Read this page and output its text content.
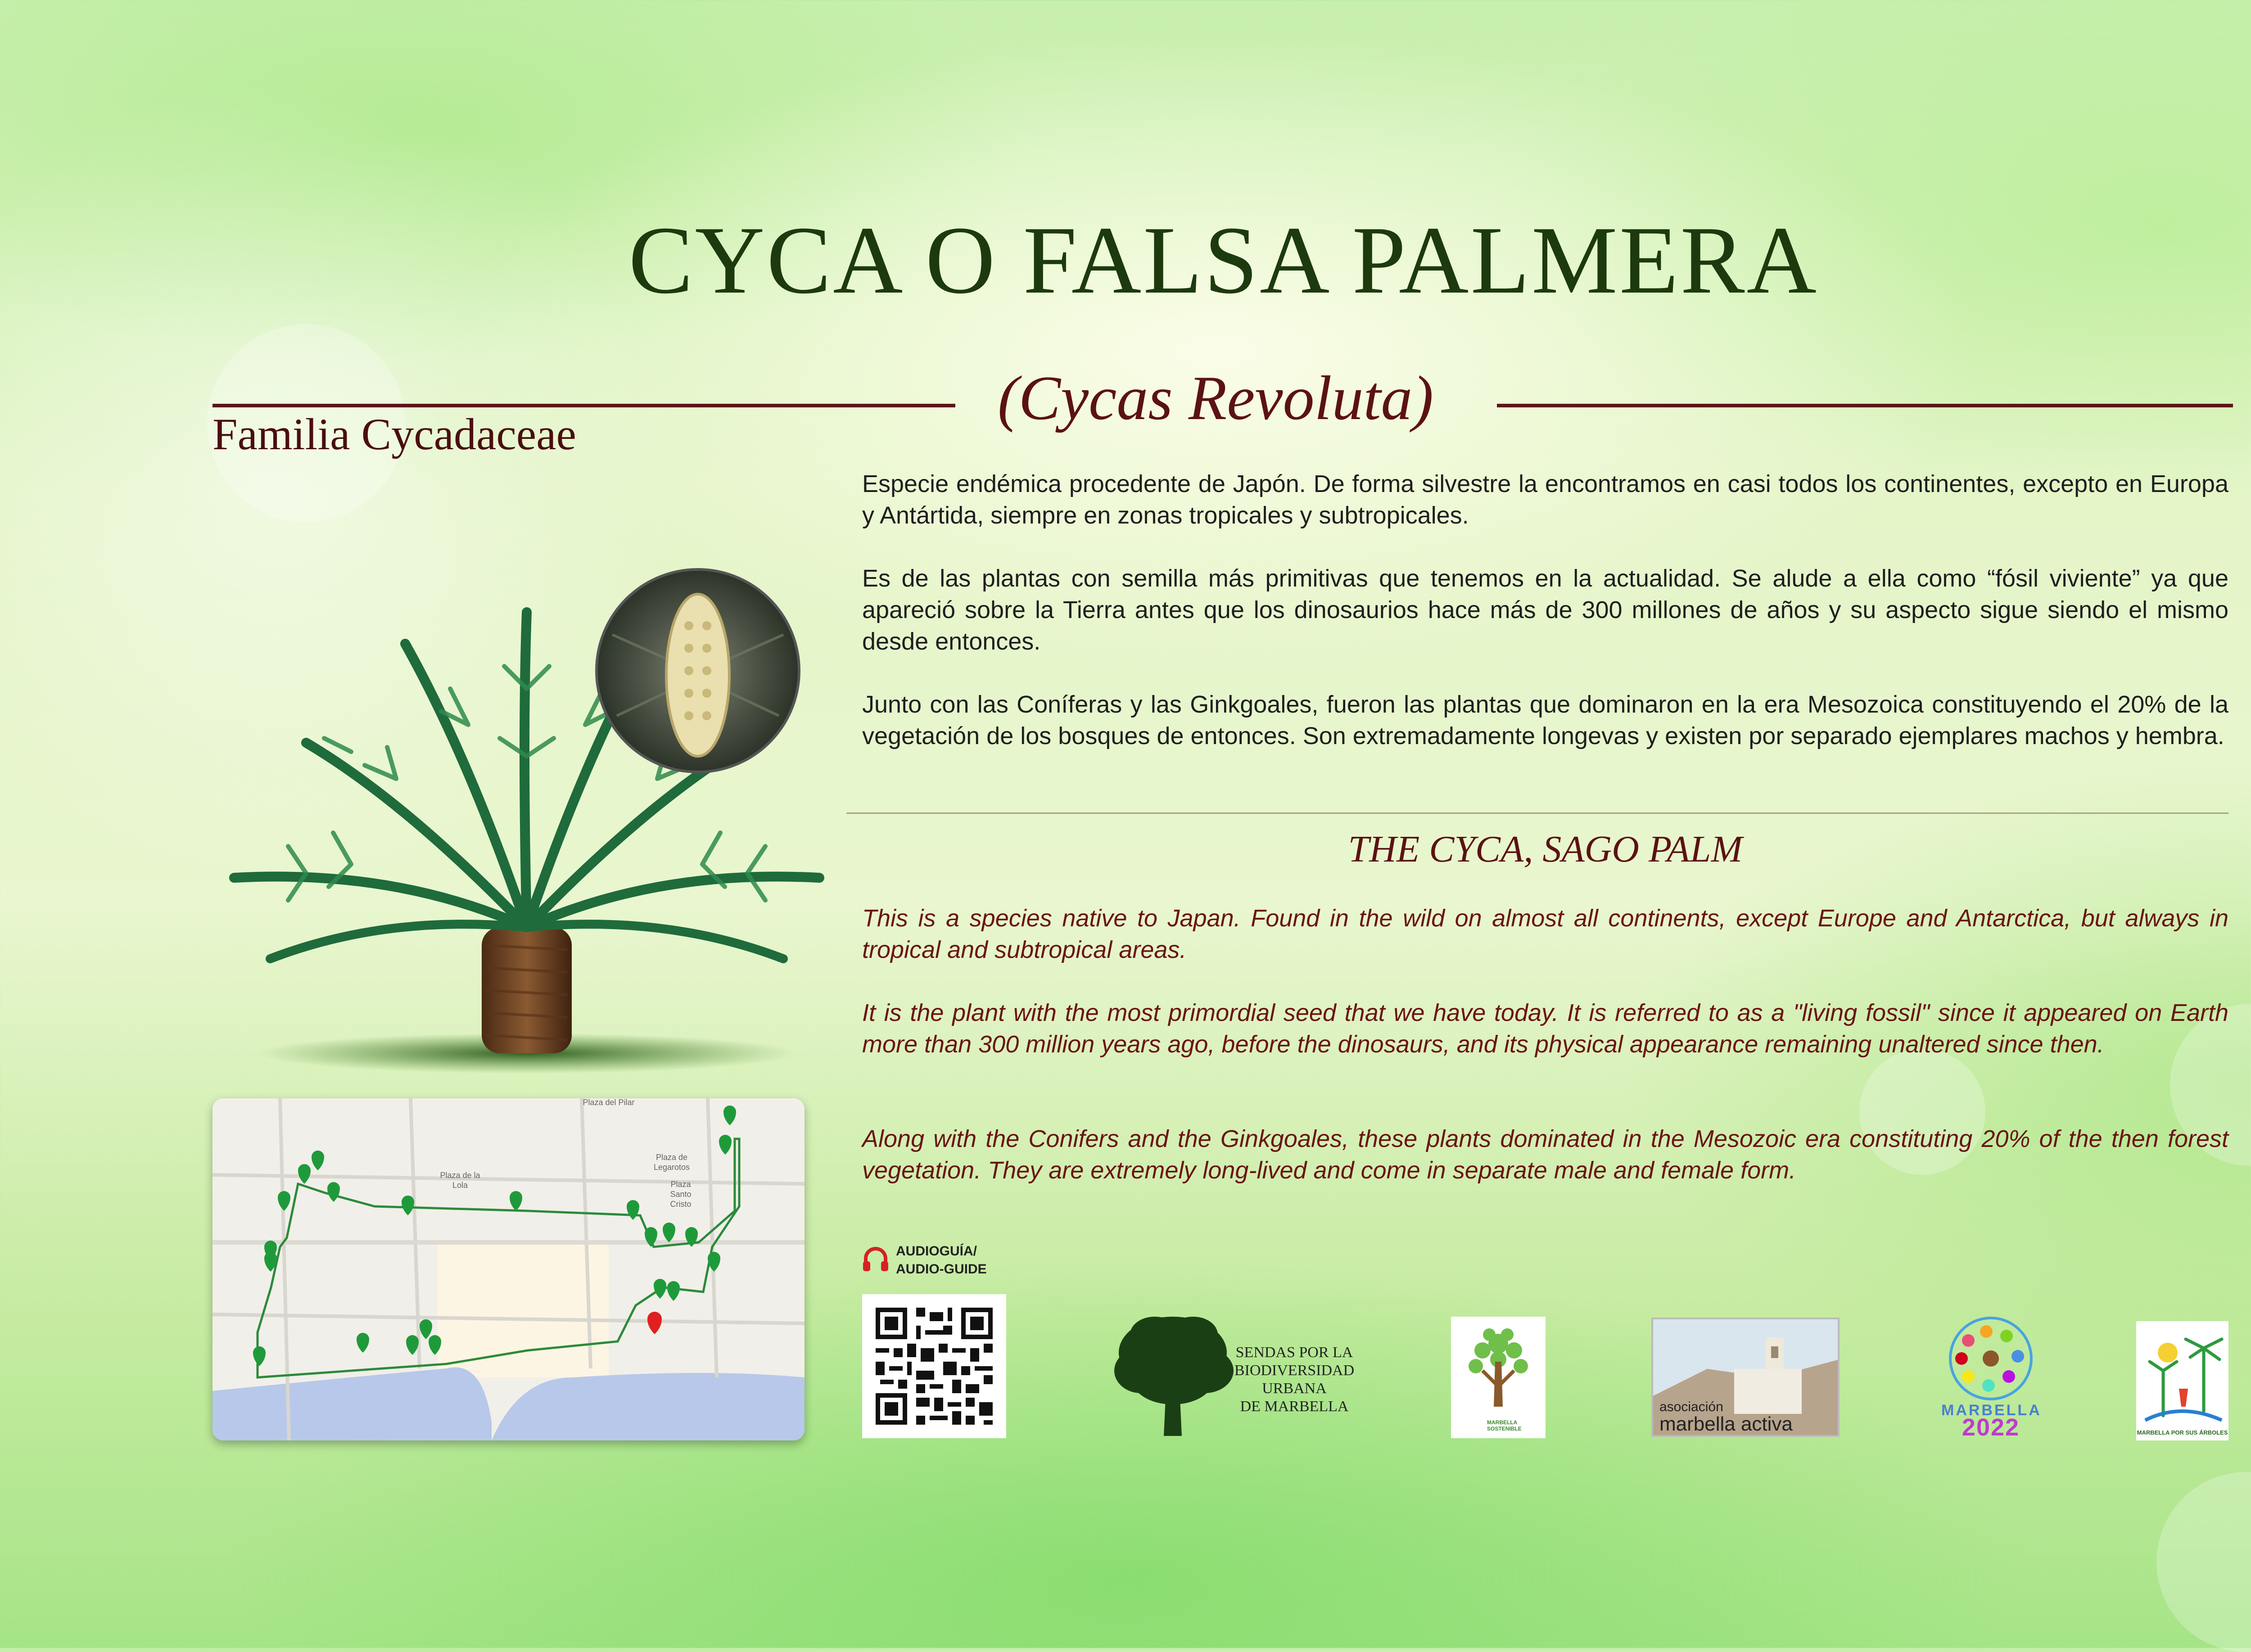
CYCA O FALSA PALMERA
(Cycas Revoluta)
Familia Cycadaceae
Especie endémica procedente de Japón. De forma silvestre la encontramos en casi todos los continentes, excepto en Europa y Antártida, siempre en zonas tropicales y subtropicales.
Es de las plantas con semilla más primitivas que tenemos en la actualidad. Se alude a ella como “fósil viviente” ya que apareció sobre la Tierra antes que los dinosaurios hace más de 300 millones de años y su aspecto sigue siendo el mismo desde entonces.
Junto con las Coníferas y las Ginkgoales, fueron las plantas que dominaron en la era Mesozoica constituyendo el 20% de la vegetación de los bosques de entonces. Son extremadamente longevas y existen por separado ejemplares machos y hembra.
THE CYCA, SAGO PALM
This is a species native to Japan. Found in the wild on almost all continents, except Europe and Antarctica, but always in tropical and subtropical areas.
It is the plant with the most primordial seed that we have today. It is referred to as a "living fossil" since it appeared on Earth more than 300 million years ago, before the dinosaurs, and its physical appearance remaining unaltered since then.
Along with the Conifers and the Ginkgoales, these plants dominated in the Mesozoic era constituting 20% of the then forest vegetation. They are extremely long-lived and come in separate male and female form.
Plaza del Pilar
Plaza de la Lola
Plaza de Legarotos
Plaza Santo Cristo
AUDIOGUÍA/
AUDIO-GUIDE
SENDAS POR LA
BIODIVERSIDAD
URBANA
DE MARBELLA
MARBELLA SOSTENIBLE
asociación
marbella activa
MARBELLA
2022	MARBELLA POR SUS ÁRBOLES
